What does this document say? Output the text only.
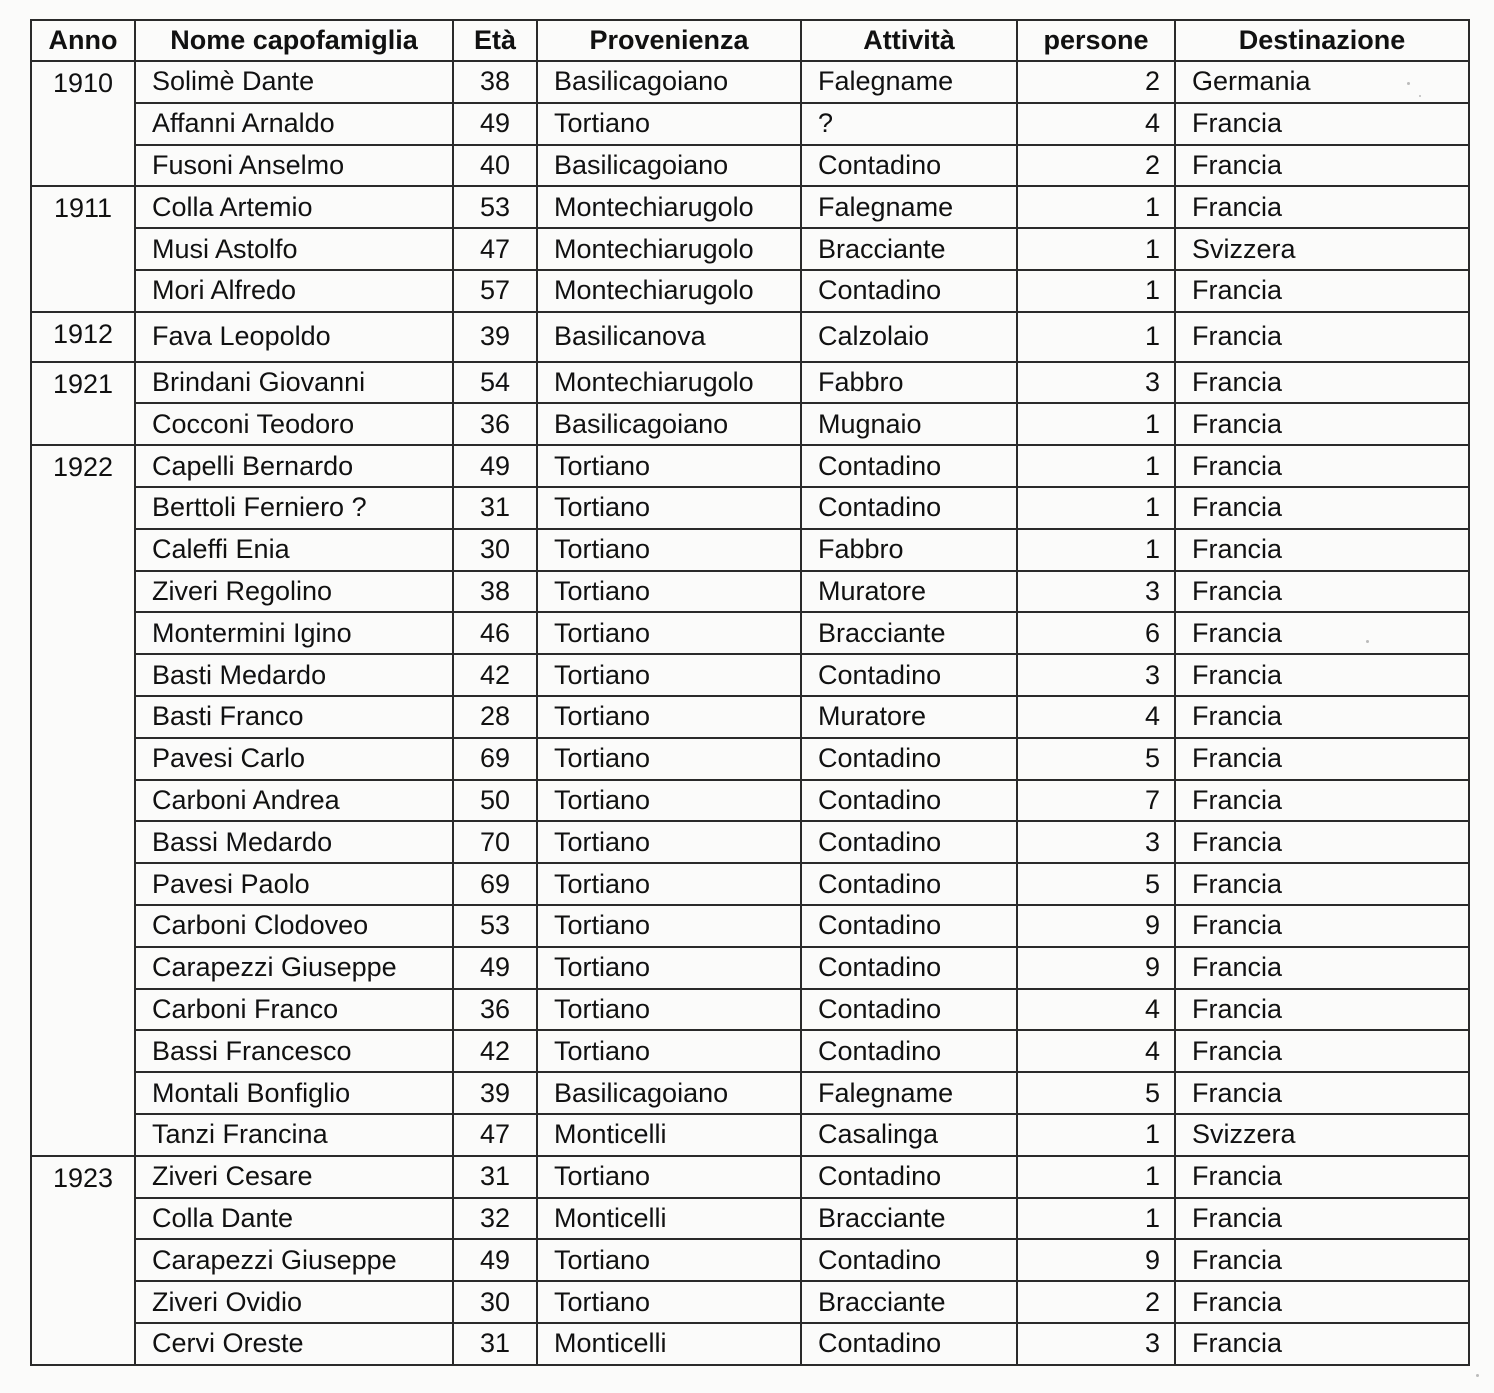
Anno	Nome capofamiglia	Età	Provenienza	Attività	persone	Destinazione
1910	Solimè Dante	38	Basilicagoiano	Falegname	2	Germania
	Affanni Arnaldo	49	Tortiano	?	4	Francia
	Fusoni Anselmo	40	Basilicagoiano	Contadino	2	Francia
1911	Colla Artemio	53	Montechiarugolo	Falegname	1	Francia
	Musi Astolfo	47	Montechiarugolo	Bracciante	1	Svizzera
	Mori Alfredo	57	Montechiarugolo	Contadino	1	Francia
1912	Fava Leopoldo	39	Basilicanova	Calzolaio	1	Francia
1921	Brindani Giovanni	54	Montechiarugolo	Fabbro	3	Francia
	Cocconi Teodoro	36	Basilicagoiano	Mugnaio	1	Francia
1922	Capelli Bernardo	49	Tortiano	Contadino	1	Francia
	Berttoli Ferniero ?	31	Tortiano	Contadino	1	Francia
	Caleffi Enia	30	Tortiano	Fabbro	1	Francia
	Ziveri Regolino	38	Tortiano	Muratore	3	Francia
	Montermini Igino	46	Tortiano	Bracciante	6	Francia
	Basti Medardo	42	Tortiano	Contadino	3	Francia
	Basti Franco	28	Tortiano	Muratore	4	Francia
	Pavesi Carlo	69	Tortiano	Contadino	5	Francia
	Carboni Andrea	50	Tortiano	Contadino	7	Francia
	Bassi Medardo	70	Tortiano	Contadino	3	Francia
	Pavesi Paolo	69	Tortiano	Contadino	5	Francia
	Carboni Clodoveo	53	Tortiano	Contadino	9	Francia
	Carapezzi Giuseppe	49	Tortiano	Contadino	9	Francia
	Carboni Franco	36	Tortiano	Contadino	4	Francia
	Bassi Francesco	42	Tortiano	Contadino	4	Francia
	Montali Bonfiglio	39	Basilicagoiano	Falegname	5	Francia
	Tanzi Francina	47	Monticelli	Casalinga	1	Svizzera
1923	Ziveri Cesare	31	Tortiano	Contadino	1	Francia
	Colla Dante	32	Monticelli	Bracciante	1	Francia
	Carapezzi Giuseppe	49	Tortiano	Contadino	9	Francia
	Ziveri Ovidio	30	Tortiano	Bracciante	2	Francia
	Cervi Oreste	31	Monticelli	Contadino	3	Francia
